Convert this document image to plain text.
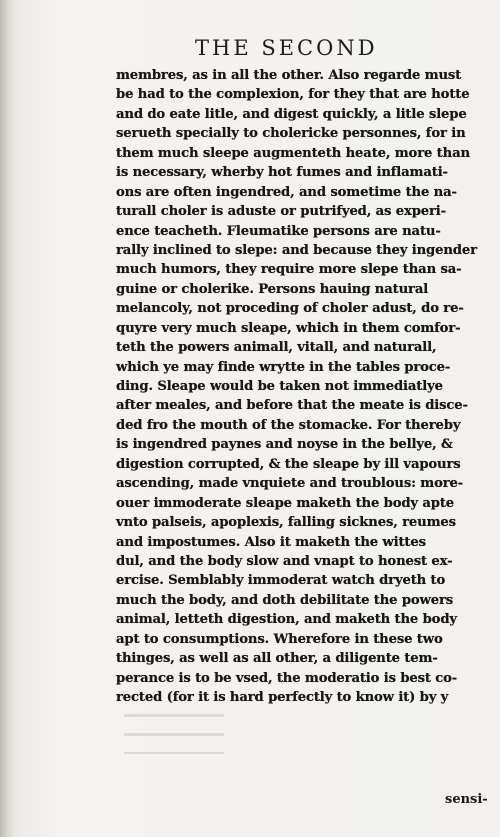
THE SECOND
membres, as in all the other. Also regarde must
be had to the complexion, for they that are hotte
and do eate litle, and digest quickly, a litle slepe
serueth specially to cholericke personnes, for in
them much sleepe augmenteth heate, more than
is necessary, wherby hot fumes and inflamati-
ons are often ingendred, and sometime the na-
turall choler is aduste or putrifyed, as experi-
ence teacheth. Fleumatike persons are natu-
rally inclined to slepe: and because they ingender
much humors, they require more slepe than sa-
guine or cholerike. Persons hauing natural
melancoly, not proceding of choler adust, do re-
quyre very much sleape, which in them comfor-
teth the powers animall, vitall, and naturall,
which ye may finde wrytte in the tables proce-
ding. Sleape would be taken not immediatlye
after meales, and before that the meate is disce-
ded fro the mouth of the stomacke. For thereby
is ingendred paynes and noyse in the bellye, &
digestion corrupted, & the sleape by ill vapours
ascending, made vnquiete and troublous: more-
ouer immoderate sleape maketh the body apte
vnto palseis, apoplexis, falling sicknes, reumes
and impostumes. Also it maketh the wittes
dul, and the body slow and vnapt to honest ex-
ercise. Semblably immoderat watch dryeth to
much the body, and doth debilitate the powers
animal, letteth digestion, and maketh the body
apt to consumptions. Wherefore in these two
thinges, as well as all other, a diligente tem-
perance is to be vsed, the moderatio is best co-
rected (for it is hard perfectly to know it) by y
sensi-
